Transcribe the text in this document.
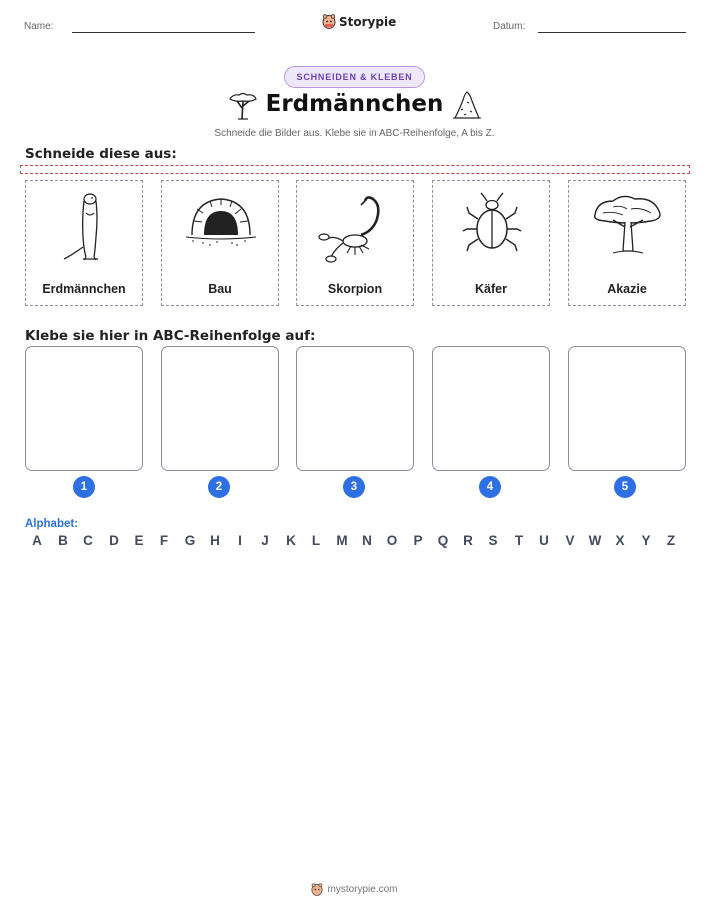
Name:	Storypie	Datum:
SCHNEIDEN & KLEBEN
Erdmännchen
Schneide die Bilder aus. Klebe sie in ABC-Reihenfolge, A bis Z.
Schneide diese aus:
Erdmännchen	Bau	Skorpion	Käfer	Akazie
Klebe sie hier in ABC-Reihenfolge auf:
1	2	3	4	5
Alphabet:
A	B	C	D	E	F	G	H	I	J	K	L	M	N	O	P	Q	R	S	T	U	V	W	X	Y	Z
mystorypie.com
